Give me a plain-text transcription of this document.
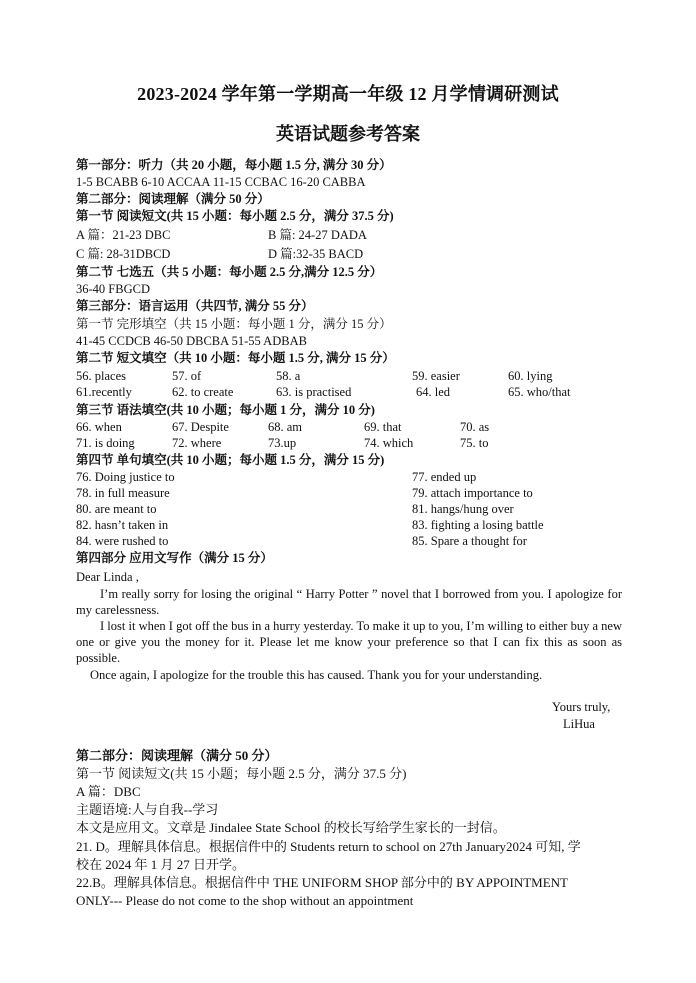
2023-2024 学年第一学期高一年级 12 月学情调研测试
英语试题参考答案
第一部分：听力（共 20 小题，每小题 1.5 分, 满分 30 分）
1-5 BCABB 6-10 ACCAA 11-15 CCBAC 16-20 CABBA
第二部分：阅读理解（满分 50 分）
第一节 阅读短文(共 15 小题：每小题 2.5 分，满分 37.5 分)
A 篇：21-23 DBC	B 篇: 24-27 DADA
C 篇: 28-31DBCD	D 篇:32-35 BACD
第二节 七选五（共 5 小题：每小题 2.5 分,满分 12.5 分）
36-40 FBGCD
第三部分：语言运用（共四节, 满分 55 分）
第一节 完形填空（共 15 小题：每小题 1 分，满分 15 分）
41-45 CCDCB 46-50 DBCBA 51-55 ADBAB
第二节 短文填空（共 10 小题：每小题 1.5 分, 满分 15 分）
56. places	57. of	58. a	59. easier	60. lying
61.recently	62. to create	63. is practised	64. led	65. who/that
第三节 语法填空(共 10 小题；每小题 1 分，满分 10 分)
66. when	67. Despite	68. am	69. that	70. as
71. is doing	72. where	73.up	74. which	75. to
第四节 单句填空(共 10 小题；每小题 1.5 分，满分 15 分)
76. Doing justice to	77. ended up
78. in full measure	79. attach importance to
80. are meant to	81. hangs/hung over
82. hasn’t taken in	83. fighting a losing battle
84. were rushed to	85. Spare a thought for
第四部分 应用文写作（满分 15 分）
Dear Linda ,
I’m really sorry for losing the original “ Harry Potter ” novel that I borrowed from you. I apologize for my carelessness.
I lost it when I got off the bus in a hurry yesterday. To make it up to you, I’m willing to either buy a new one or give you the money for it. Please let me know your preference so that I can fix this as soon as possible.
Once again, I apologize for the trouble this has caused. Thank you for your understanding.
Yours truly,
LiHua
第二部分：阅读理解（满分 50 分）
第一节 阅读短文(共 15 小题；每小题 2.5 分，满分 37.5 分)
A 篇：DBC
主题语境:人与自我--学习
本文是应用文。文章是 Jindalee State School 的校长写给学生家长的一封信。
21. D。理解具体信息。根据信件中的 Students return to school on 27th January2024 可知, 学
校在 2024 年 1 月 27 日开学。
22.B。理解具体信息。根据信件中 THE UNIFORM SHOP 部分中的 BY APPOINTMENT
ONLY--- Please do not come to the shop without an appointment
